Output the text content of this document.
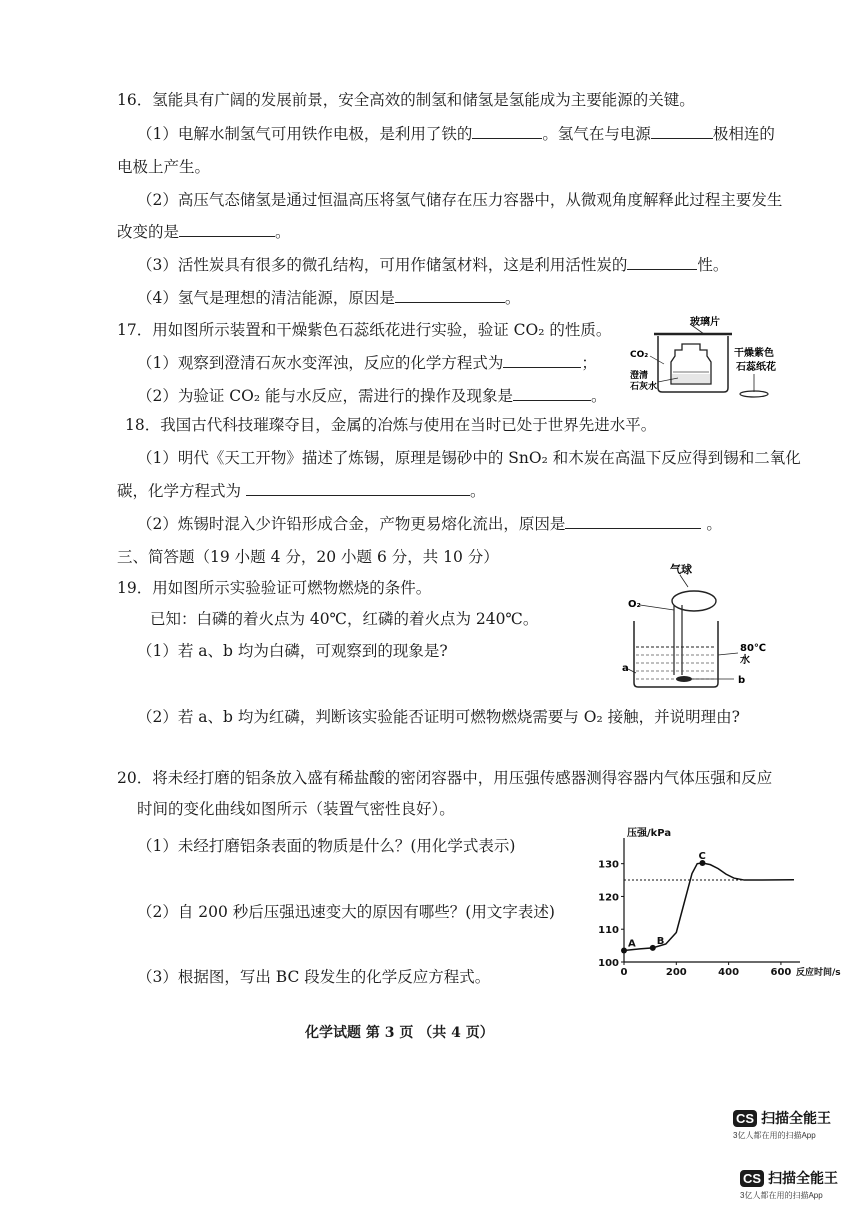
16．氢能具有广阔的发展前景，安全高效的制氢和储氢是氢能成为主要能源的关键。
（1）电解水制氢气可用铁作电极，是利用了铁的	。氢气在与电源	极相连的
电极上产生。
（2）高压气态储氢是通过恒温高压将氢气储存在压力容器中，从微观角度解释此过程主要发生
改变的是	。
（3）活性炭具有很多的微孔结构，可用作储氢材料，这是利用活性炭的	性。
（4）氢气是理想的清洁能源，原因是	。
17．用如图所示装置和干燥紫色石蕊纸花进行实验，验证 CO₂ 的性质。
（1）观察到澄清石灰水变浑浊，反应的化学方程式为	；
（2）为验证 CO₂ 能与水反应，需进行的操作及现象是	。
玻璃片
CO₂
澄清
石灰水
干燥紫色
石蕊纸花
18．我国古代科技璀璨夺目，金属的冶炼与使用在当时已处于世界先进水平。
（1）明代《天工开物》描述了炼锡，原理是锡砂中的 SnO₂ 和木炭在高温下反应得到锡和二氧化
碳，化学方程式为	。
（2）炼锡时混入少许铅形成合金，产物更易熔化流出，原因是	。
三、简答题（19 小题 4 分，20 小题 6 分，共 10 分）
19．用如图所示实验验证可燃物燃烧的条件。
已知：白磷的着火点为 40℃，红磷的着火点为 240℃。
（1）若 a、b 均为白磷，可观察到的现象是?
（2）若 a、b 均为红磷，判断该实验能否证明可燃物燃烧需要与 O₂ 接触，并说明理由?
气球
O₂
a
80℃
水
b
20．将未经打磨的铝条放入盛有稀盐酸的密闭容器中，用压强传感器测得容器内气体压强和反应
时间的变化曲线如图所示（装置气密性良好）。
（1）未经打磨铝条表面的物质是什么？(用化学式表示)
（2）自 200 秒后压强迅速变大的原因有哪些？(用文字表述)
（3）根据图，写出 BC 段发生的化学反应方程式。
压强/kPa
反应时间/s
100
110
120
130
0	200	400	600
A B
C
化学试题 第 3 页 （共 4 页）
CS 扫描全能王
3亿人都在用的扫描App
CS 扫描全能王
3亿人都在用的扫描App
